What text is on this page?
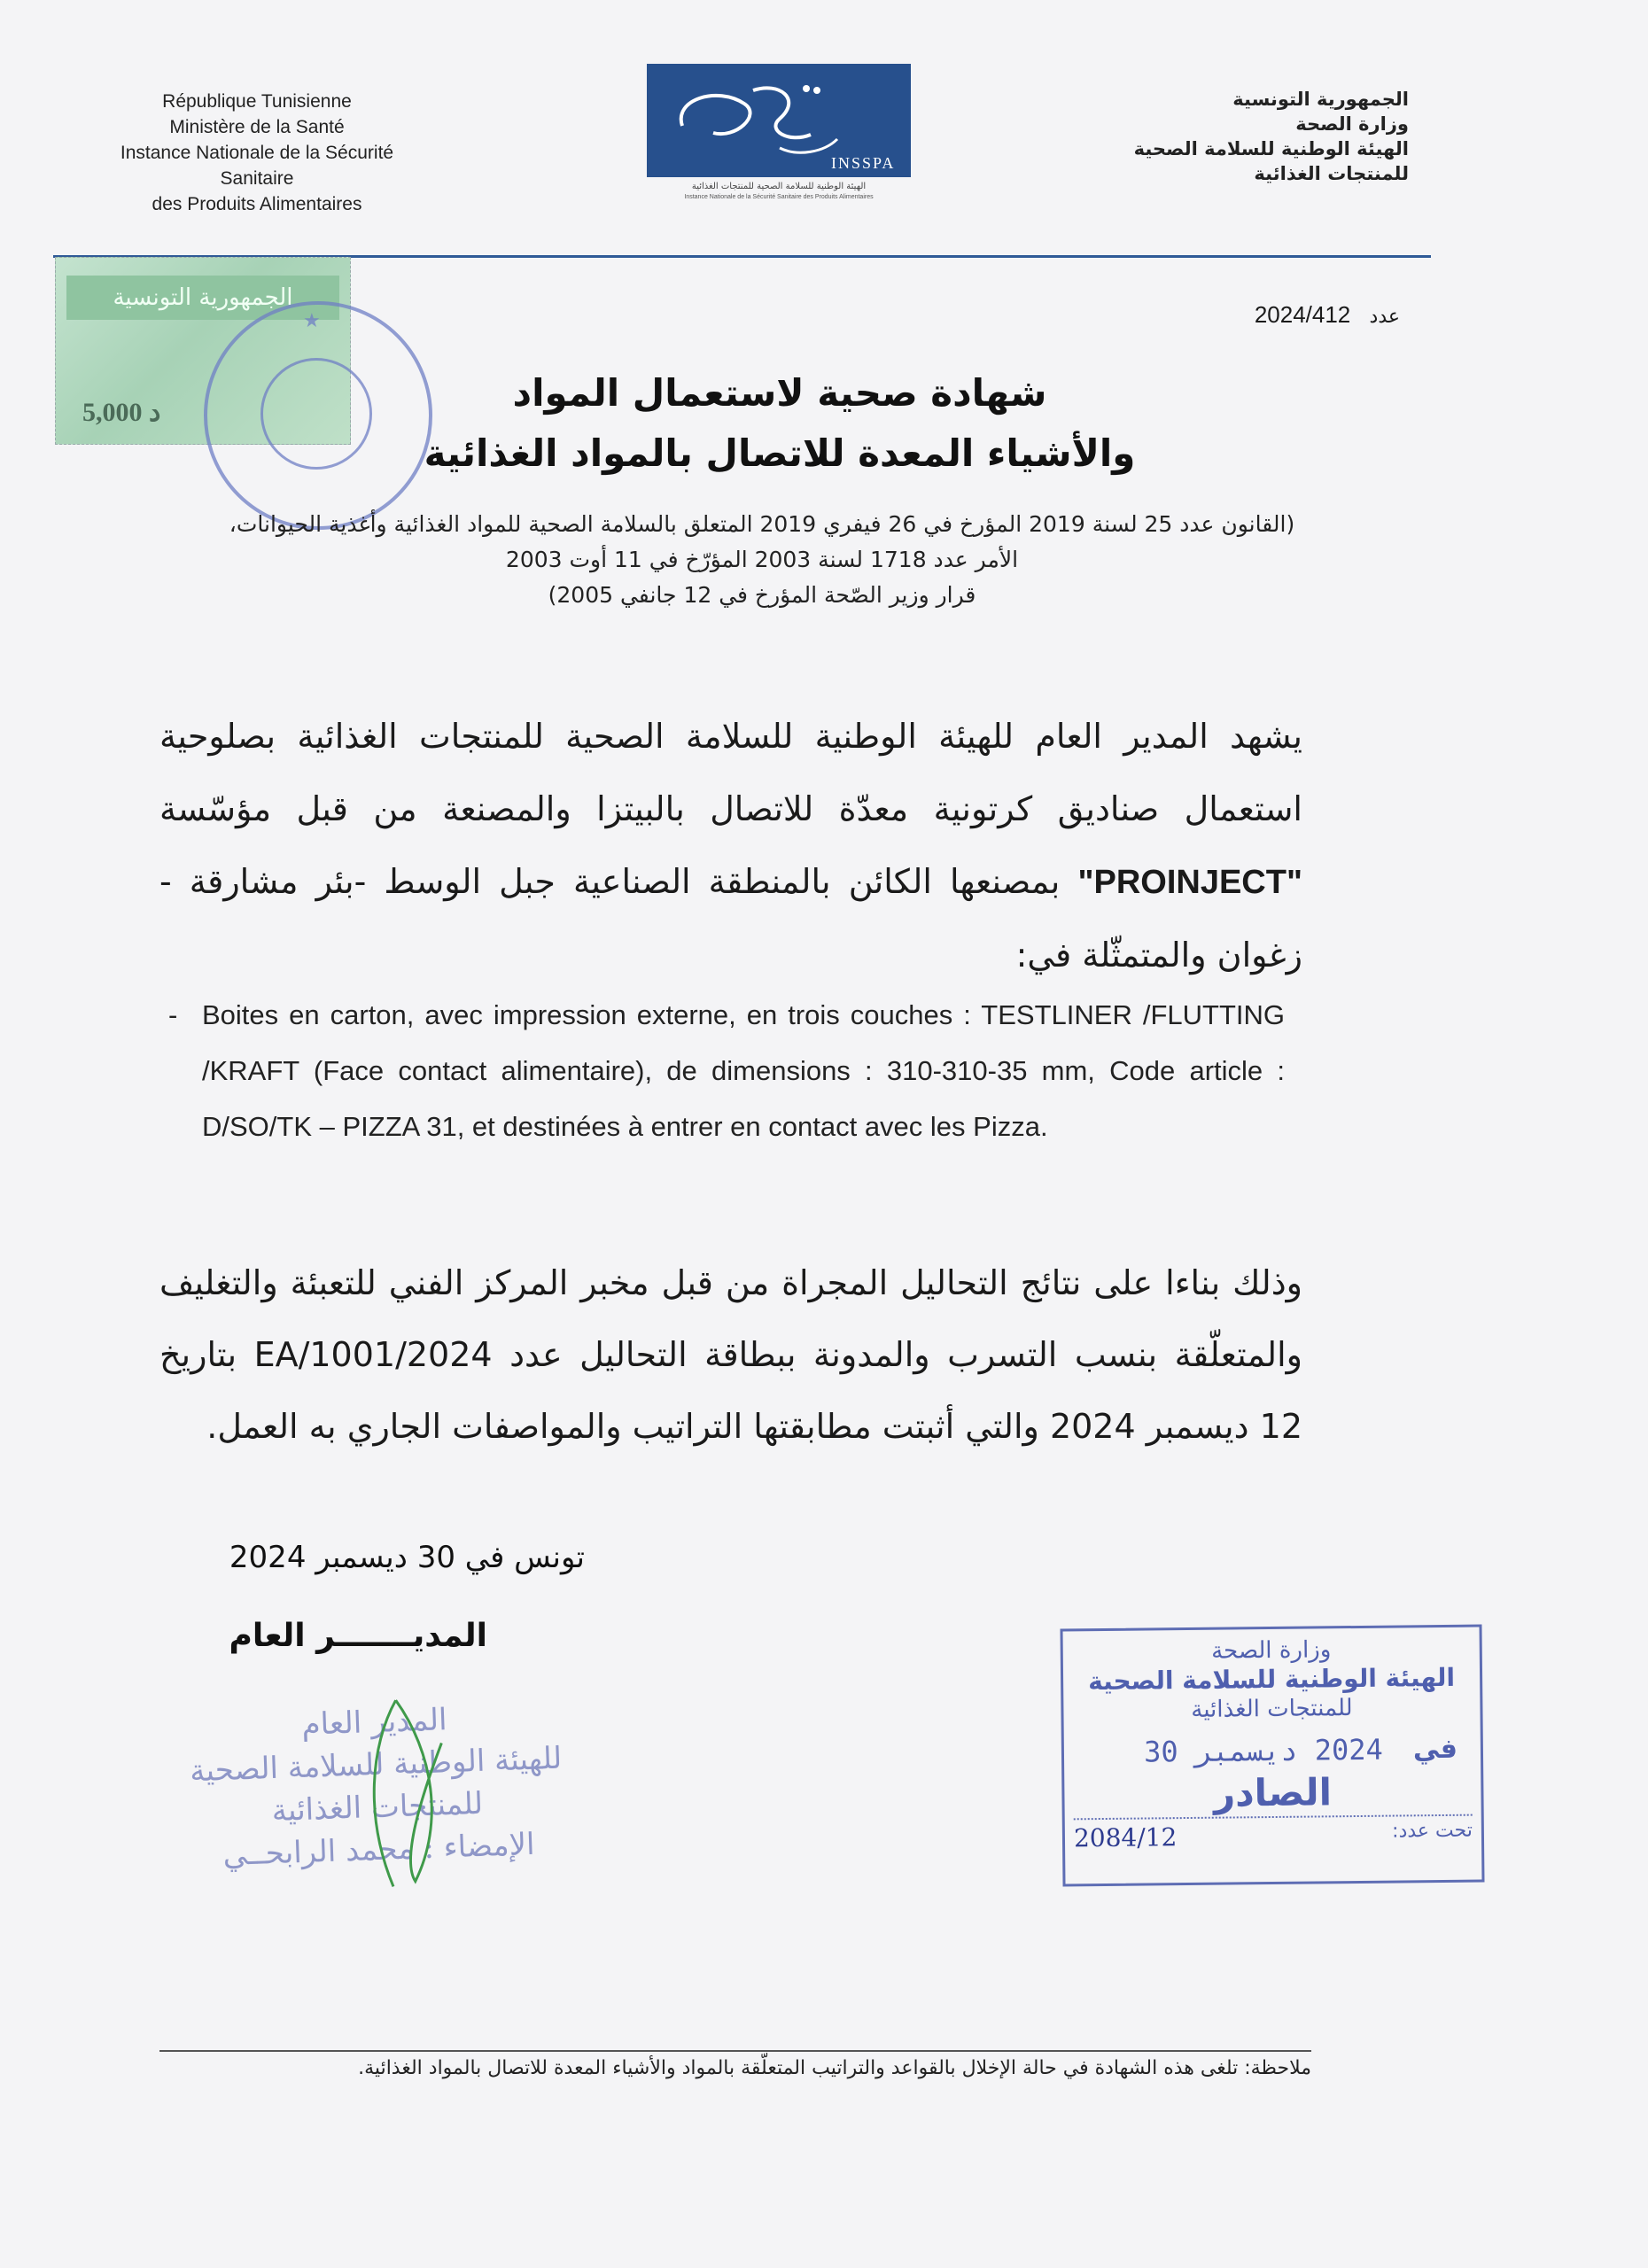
République Tunisienne
Ministère de la Santé
Instance Nationale de la Sécurité Sanitaire
des Produits Alimentaires
INSSPA
الهيئة الوطنية للسلامة الصحية للمنتجات الغذائية
Instance Nationale de la Sécurité Sanitaire des Produits Alimentaires
الجمهورية التونسية
وزارة الصحة
الهيئة الوطنية للسلامة الصحية
للمنتجات الغذائية
الجمهورية التونسية
5,000 د
★	عدد 2024/412
شهادة صحية لاستعمال المواد
والأشياء المعدة للاتصال بالمواد الغذائية
(القانون عدد 25 لسنة 2019 المؤرخ في 26 فيفري 2019 المتعلق بالسلامة الصحية للمواد الغذائية وأغذية الحيوانات،
الأمر عدد 1718 لسنة 2003 المؤرّخ في 11 أوت 2003
قرار وزير الصّحة المؤرخ في 12 جانفي 2005)
يشهد المدير العام للهيئة الوطنية للسلامة الصحية للمنتجات الغذائية بصلوحية استعمال صناديق كرتونية معدّة للاتصال بالبيتزا والمصنعة من قبل مؤسّسة "PROINJECT" بمصنعها الكائن بالمنطقة الصناعية جبل الوسط -بئر مشارقة - زغوان والمتمثّلة في:
- Boites en carton, avec impression externe, en trois couches : TESTLINER /FLUTTING /KRAFT (Face contact alimentaire), de dimensions : 310-310-35 mm, Code article : D/SO/TK – PIZZA 31, et destinées à entrer en contact avec les Pizza.
وذلك بناءا على نتائج التحاليل المجراة من قبل مخبر المركز الفني للتعبئة والتغليف والمتعلّقة بنسب التسرب والمدونة ببطاقة التحاليل عدد EA/1001/2024 بتاريخ 12 ديسمبر 2024 والتي أثبتت مطابقتها التراتيب والمواصفات الجاري به العمل.
تونس في 30 ديسمبر 2024
المديـــــــر العام
المدير العام
للهيئة الوطنية للسلامة الصحية
للمنتجات الغذائية
الإمضاء : محمد الرابحــي
وزارة الصحة
الهيئة الوطنية للسلامة الصحية
للمنتجات الغذائية
في
2024 ديسمبر 30
الصادر
تحت عدد:
2084/12
ملاحظة: تلغى هذه الشهادة في حالة الإخلال بالقواعد والتراتيب المتعلّقة بالمواد والأشياء المعدة للاتصال بالمواد الغذائية.
